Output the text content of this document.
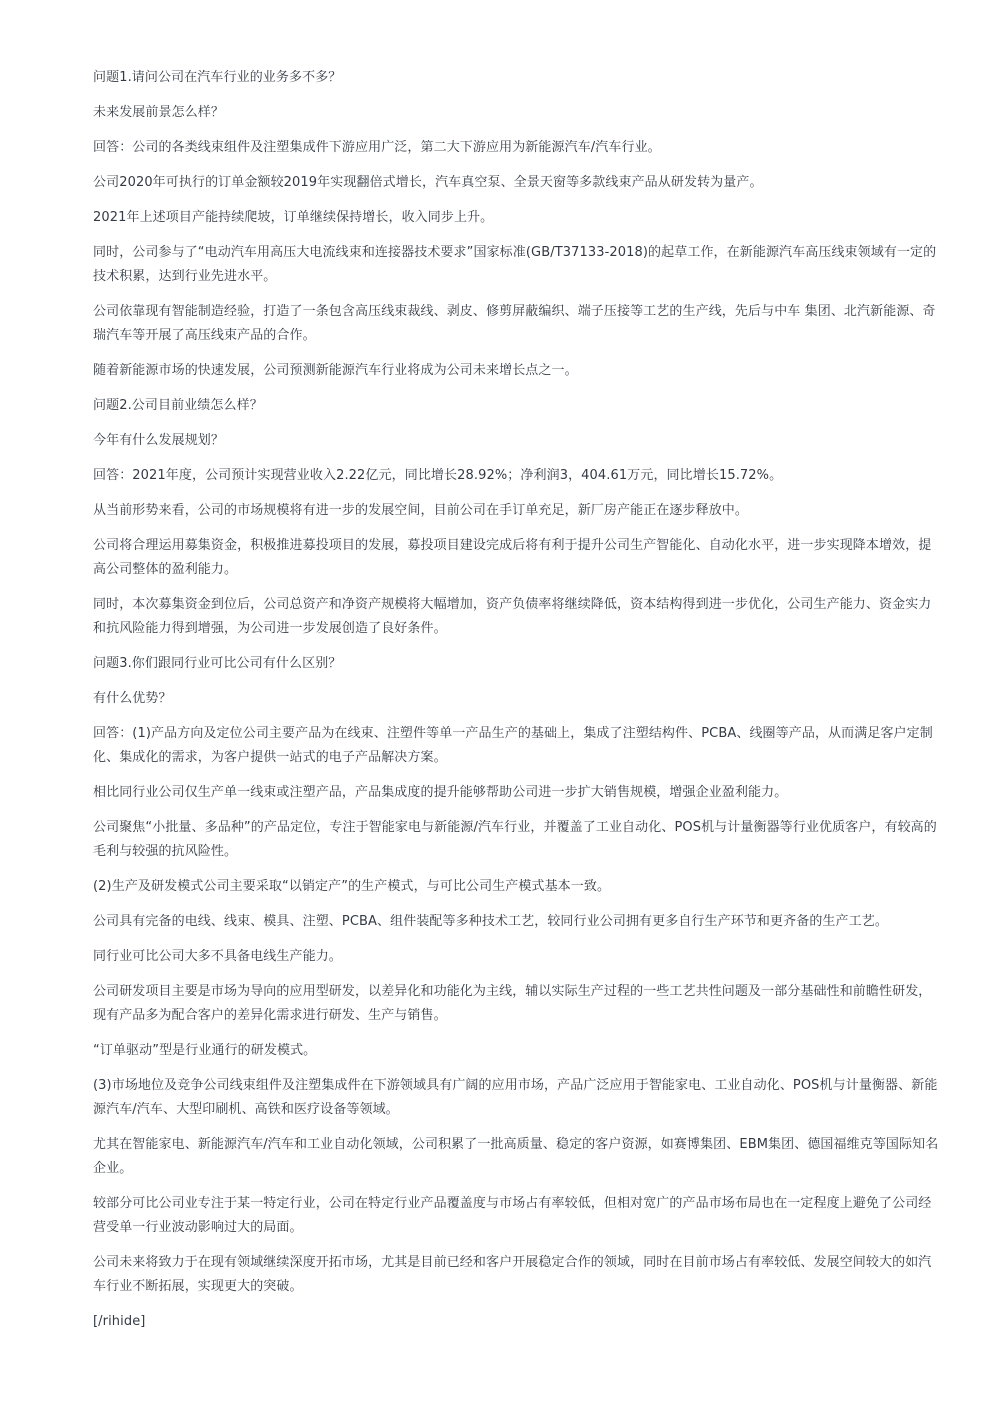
问题1.请问公司在汽车行业的业务多不多？

未来发展前景怎么样？

回答：公司的各类线束组件及注塑集成件下游应用广泛，第二大下游应用为新能源汽车/汽车行业。

公司2020年可执行的订单金额较2019年实现翻倍式增长，汽车真空泵、全景天窗等多款线束产品从研发转为量产。

2021年上述项目产能持续爬坡，订单继续保持增长，收入同步上升。

同时，公司参与了“电动汽车用高压大电流线束和连接器技术要求”国家标准(GB/T37133-2018)的起草工作，在新能源汽车高压线束领域有一定的技术积累，达到行业先进水平。

公司依靠现有智能制造经验，打造了一条包含高压线束裁线、剥皮、修剪屏蔽编织、端子压接等工艺的生产线，先后与中车 集团、北汽新能源、奇瑞汽车等开展了高压线束产品的合作。

随着新能源市场的快速发展，公司预测新能源汽车行业将成为公司未来增长点之一。

问题2.公司目前业绩怎么样？

今年有什么发展规划？

回答：2021年度，公司预计实现营业收入2.22亿元，同比增长28.92%；净利润3，404.61万元，同比增长15.72%。

从当前形势来看，公司的市场规模将有进一步的发展空间，目前公司在手订单充足，新厂房产能正在逐步释放中。

公司将合理运用募集资金，积极推进募投项目的发展，募投项目建设完成后将有利于提升公司生产智能化、自动化水平，进一步实现降本增效，提高公司整体的盈利能力。

同时，本次募集资金到位后，公司总资产和净资产规模将大幅增加，资产负债率将继续降低，资本结构得到进一步优化，公司生产能力、资金实力和抗风险能力得到增强，为公司进一步发展创造了良好条件。

问题3.你们跟同行业可比公司有什么区别？

有什么优势？

回答：(1)产品方向及定位公司主要产品为在线束、注塑件等单一产品生产的基础上，集成了注塑结构件、PCBA、线圈等产品，从而满足客户定制化、集成化的需求，为客户提供一站式的电子产品解决方案。

相比同行业公司仅生产单一线束或注塑产品，产品集成度的提升能够帮助公司进一步扩大销售规模，增强企业盈利能力。

公司聚焦“小批量、多品种”的产品定位，专注于智能家电与新能源/汽车行业，并覆盖了工业自动化、POS机与计量衡器等行业优质客户，有较高的毛利与较强的抗风险性。

(2)生产及研发模式公司主要采取“以销定产”的生产模式，与可比公司生产模式基本一致。

公司具有完备的电线、线束、模具、注塑、PCBA、组件装配等多种技术工艺，较同行业公司拥有更多自行生产环节和更齐备的生产工艺。

同行业可比公司大多不具备电线生产能力。

公司研发项目主要是市场为导向的应用型研发，以差异化和功能化为主线，辅以实际生产过程的一些工艺共性问题及一部分基础性和前瞻性研发，现有产品多为配合客户的差异化需求进行研发、生产与销售。

“订单驱动”型是行业通行的研发模式。

(3)市场地位及竞争公司线束组件及注塑集成件在下游领域具有广阔的应用市场，产品广泛应用于智能家电、工业自动化、POS机与计量衡器、新能源汽车/汽车、大型印刷机、高铁和医疗设备等领域。

尤其在智能家电、新能源汽车/汽车和工业自动化领域，公司积累了一批高质量、稳定的客户资源，如赛博集团、EBM集团、德国福维克等国际知名企业。

较部分可比公司业专注于某一特定行业，公司在特定行业产品覆盖度与市场占有率较低，但相对宽广的产品市场布局也在一定程度上避免了公司经营受单一行业波动影响过大的局面。

公司未来将致力于在现有领域继续深度开拓市场，尤其是目前已经和客户开展稳定合作的领域，同时在目前市场占有率较低、发展空间较大的如汽车行业不断拓展，实现更大的突破。

[/rihide]
